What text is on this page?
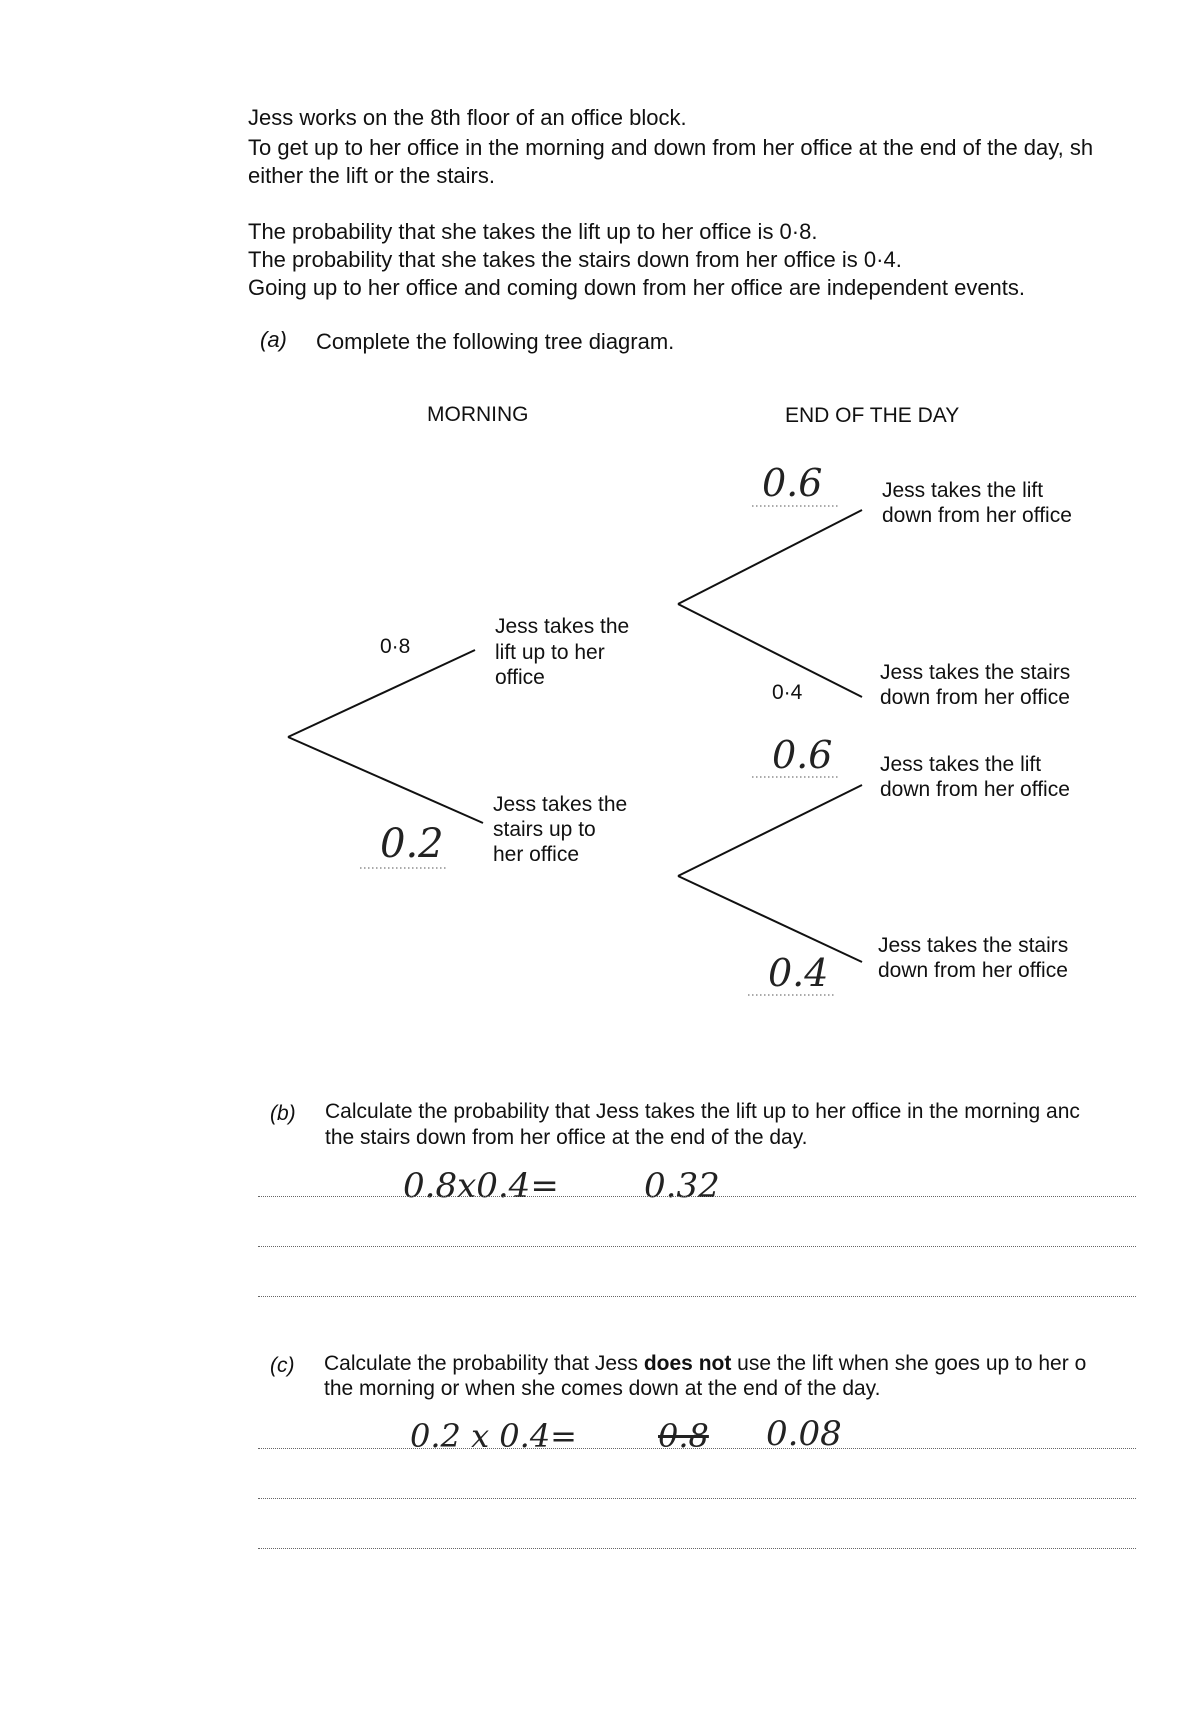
Jess works on the 8th floor of an office block.
To get up to her office in the morning and down from her office at the end of the day, sh
either the lift or the stairs.
The probability that she takes the lift up to her office is 0·8.
The probability that she takes the stairs down from her office is 0·4.
Going up to her office and coming down from her office are independent events.
(a) Complete the following tree diagram.
MORNING	END OF THE DAY
0·8
0.2
Jess takes the
lift up to her
office
Jess takes the
stairs up to
her office
0.6
0·4
0.6
0.4
Jess takes the lift
down from her office
Jess takes the stairs
down from her office
Jess takes the lift
down from her office
Jess takes the stairs
down from her office
(b) Calculate the probability that Jess takes the lift up to her office in the morning anc
the stairs down from her office at the end of the day.
0.8x0.4=	0.32
(c) Calculate the probability that Jess does not use the lift when she goes up to her o
the morning or when she comes down at the end of the day.
0.2 x 0.4=	0.8 0.08
